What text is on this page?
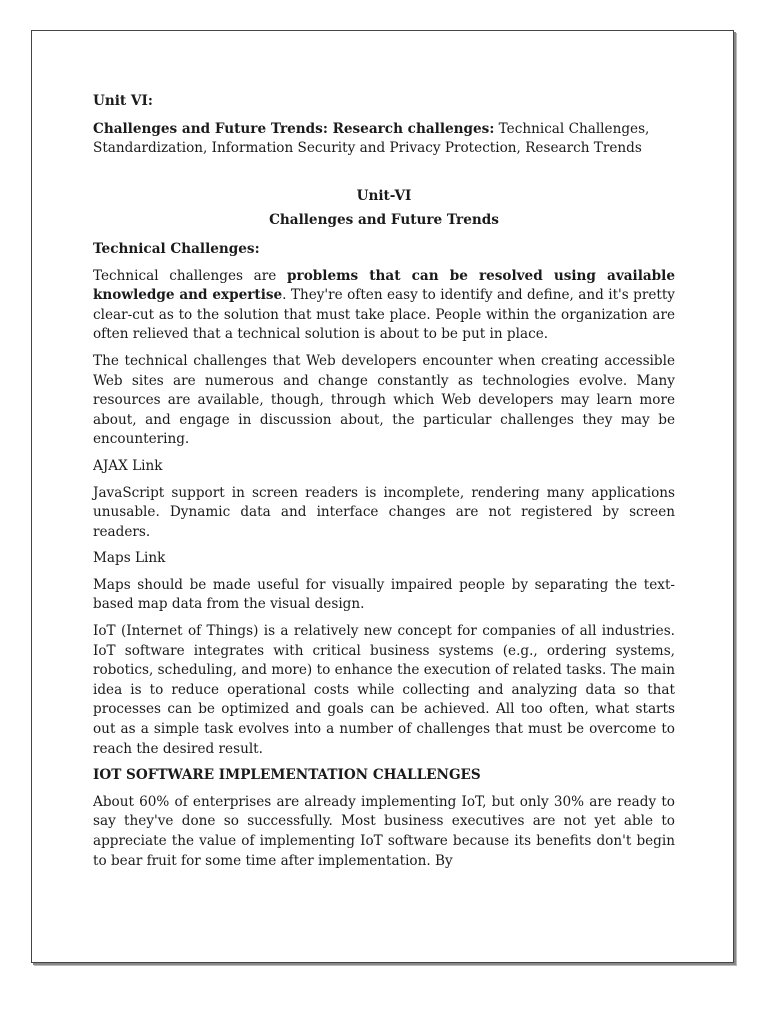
Unit VI:

Challenges and Future Trends: Research challenges: Technical Challenges, Standardization, Information Security and Privacy Protection, Research Trends

Unit-VI

Challenges and Future Trends

Technical Challenges:

Technical challenges are problems that can be resolved using available knowledge and expertise. They're often easy to identify and define, and it's pretty clear-cut as to the solution that must take place. People within the organization are often relieved that a technical solution is about to be put in place.

The technical challenges that Web developers encounter when creating accessible Web sites are numerous and change constantly as technologies evolve. Many resources are available, though, through which Web developers may learn more about, and engage in discussion about, the particular challenges they may be encountering.

AJAX Link

JavaScript support in screen readers is incomplete, rendering many applications unusable. Dynamic data and interface changes are not registered by screen readers.

Maps Link

Maps should be made useful for visually impaired people by separating the text-based map data from the visual design.

IoT (Internet of Things) is a relatively new concept for companies of all industries. IoT software integrates with critical business systems (e.g., ordering systems, robotics, scheduling, and more) to enhance the execution of related tasks. The main idea is to reduce operational costs while collecting and analyzing data so that processes can be optimized and goals can be achieved. All too often, what starts out as a simple task evolves into a number of challenges that must be overcome to reach the desired result.

IOT SOFTWARE IMPLEMENTATION CHALLENGES

About 60% of enterprises are already implementing IoT, but only 30% are ready to say they've done so successfully. Most business executives are not yet able to appreciate the value of implementing IoT software because its benefits don't begin to bear fruit for some time after implementation. By
